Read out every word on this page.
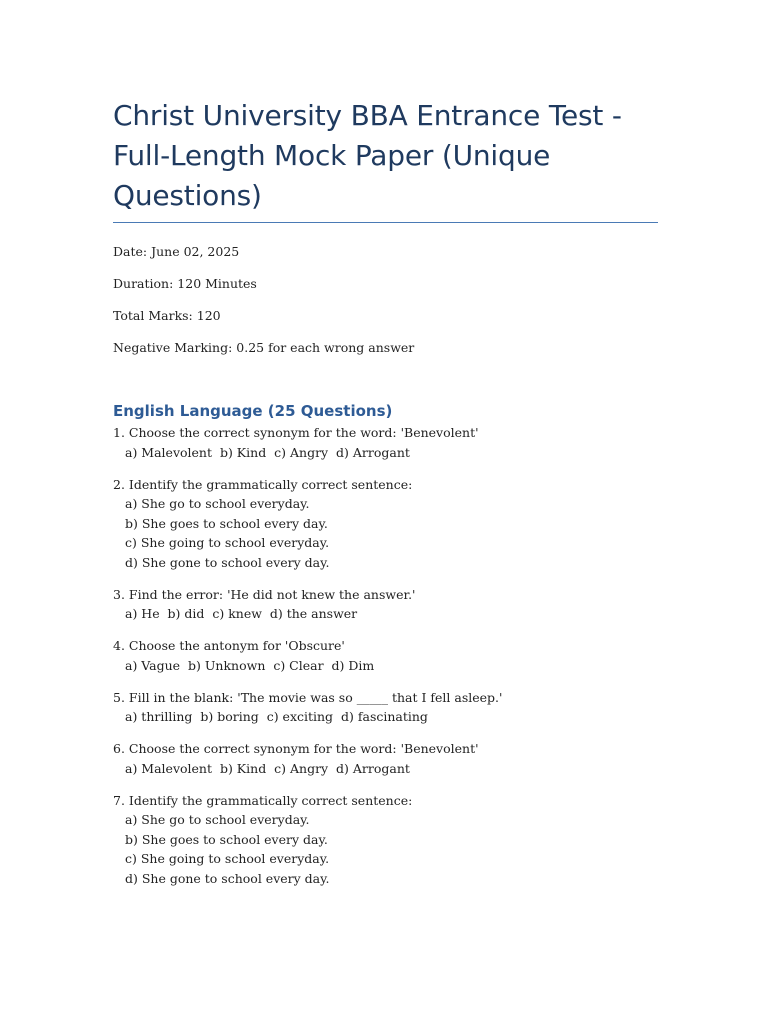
Christ University BBA Entrance Test - Full-Length Mock Paper (Unique Questions)

Date: June 02, 2025

Duration: 120 Minutes

Total Marks: 120

Negative Marking: 0.25 for each wrong answer

English Language (25 Questions)
1. Choose the correct synonym for the word: 'Benevolent'
a) Malevolent  b) Kind  c) Angry  d) Arrogant
2. Identify the grammatically correct sentence:
a) She go to school everyday.
b) She goes to school every day.
c) She going to school everyday.
d) She gone to school every day.
3. Find the error: 'He did not knew the answer.'
a) He  b) did  c) knew  d) the answer
4. Choose the antonym for 'Obscure'
a) Vague  b) Unknown  c) Clear  d) Dim
5. Fill in the blank: 'The movie was so _____ that I fell asleep.'
a) thrilling  b) boring  c) exciting  d) fascinating
6. Choose the correct synonym for the word: 'Benevolent'
a) Malevolent  b) Kind  c) Angry  d) Arrogant
7. Identify the grammatically correct sentence:
a) She go to school everyday.
b) She goes to school every day.
c) She going to school everyday.
d) She gone to school every day.
